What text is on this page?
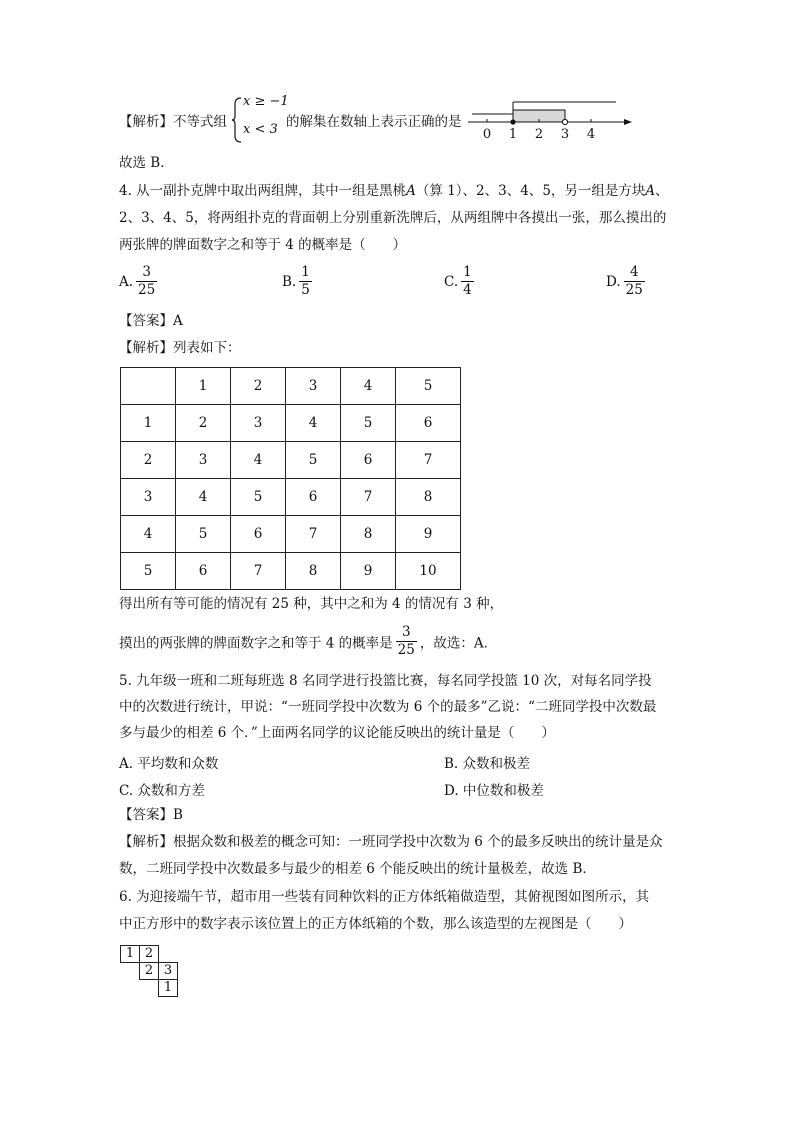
【解析】不等式组
x ≥ −1
x < 3 的解集在数轴上表示正确的是
0 1 2 3 4
故选 B．
4. 从一副扑克牌中取出两组牌，其中一组是黑桃A（算 1）、2、3、4、5，另一组是方块A、
2、3、4、5，将两组扑克的背面朝上分别重新洗牌后，从两组牌中各摸出一张，那么摸出的
两张牌的牌面数字之和等于 4 的概率是（　　）
A. $\frac{3}{25}$	B. $\frac{1}{5}$	C. $\frac{1}{4}$	D. $\frac{4}{25}$
【答案】A
【解析】列表如下：
	1	2	3	4	5
1	2	3	4	5	6
2	3	4	5	6	7
3	4	5	6	7	8
4	5	6	7	8	9
5	6	7	8	9	10
得出所有等可能的情况有 25 种，其中之和为 4 的情况有 3 种，
摸出的两张牌的牌面数字之和等于 4 的概率是 $\frac{3}{25}$ ，故选：A．
5. 九年级一班和二班每班选 8 名同学进行投篮比赛，每名同学投篮 10 次，对每名同学投
中的次数进行统计，甲说：“一班同学投中次数为 6 个的最多”乙说：“二班同学投中次数最
多与最少的相差 6 个．”上面两名同学的议论能反映出的统计量是（　　）
A. 平均数和众数	B. 众数和极差
C. 众数和方差	D. 中位数和极差
【答案】B
【解析】根据众数和极差的概念可知：一班同学投中次数为 6 个的最多反映出的统计量是众
数，二班同学投中次数最多与最少的相差 6 个能反映出的统计量极差，故选 B．
6. 为迎接端午节，超市用一些装有同种饮料的正方体纸箱做造型，其俯视图如图所示，其
中正方形中的数字表示该位置上的正方体纸箱的个数，那么该造型的左视图是（　　）
1	2	
	2	3
		1
